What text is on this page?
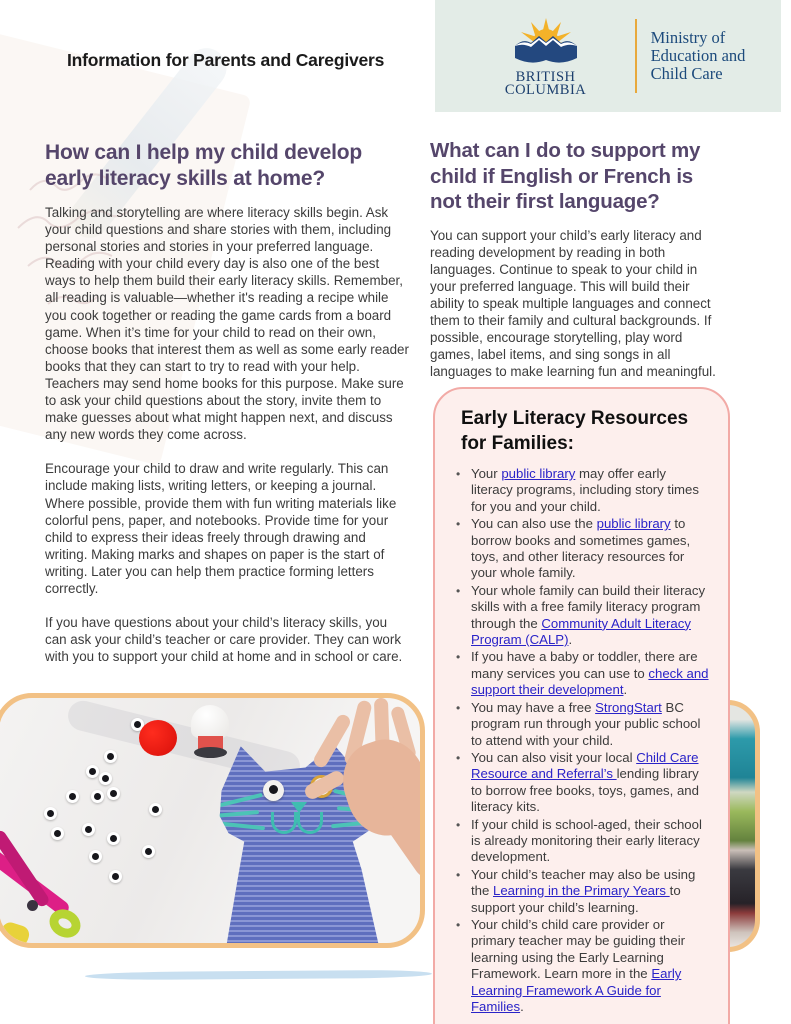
Information for Parents and Caregivers
BRITISH
COLUMBIA
Ministry of
Education and
Child Care
How can I help my child develop early literacy skills at home?

Talking and storytelling are where literacy skills begin. Ask your child questions and share stories with them, including personal stories and stories in your preferred language. Reading with your child every day is also one of the best ways to help them build their early literacy skills. Remember, all reading is valuable—whether it's reading a recipe while you cook together or reading the game cards from a board game. When it’s time for your child to read on their own, choose books that interest them as well as some early reader books that they can start to try to read with your help. Teachers may send home books for this purpose. Make sure to ask your child questions about the story, invite them to make guesses about what might happen next, and discuss any new words they come across.

Encourage your child to draw and write regularly. This can include making lists, writing letters, or keeping a journal. Where possible, provide them with fun writing materials like colorful pens, paper, and notebooks. Provide time for your child to express their ideas freely through drawing and writing. Making marks and shapes on paper is the start of writing. Later you can help them practice forming letters correctly.

If you have questions about your child’s literacy skills, you can ask your child’s teacher or care provider. They can work with you to support your child at home and in school or care.

What can I do to support my child if English or French is not their first language?

You can support your child’s early literacy and reading development by reading in both languages. Continue to speak to your child in your preferred language. This will build their ability to speak multiple languages and connect them to their family and cultural backgrounds. If possible, encourage storytelling, play word games, label items, and sing songs in all languages to make learning fun and meaningful.

Early Literacy Resources for Families:
• Your public library may offer early literacy programs, including story times for you and your child.
• You can also use the public library to borrow books and sometimes games, toys, and other literacy resources for your whole family.
• Your whole family can build their literacy skills with a free family literacy program through the Community Adult Literacy Program (CALP).
• If you have a baby or toddler, there are many services you can use to check and support their development.
• You may have a free StrongStart BC program run through your public school to attend with your child.
• You can also visit your local Child Care Resource and Referral’s lending library to borrow free books, toys, games, and literacy kits.
• If your child is school-aged, their school is already monitoring their early literacy development.
• Your child’s teacher may also be using the Learning in the Primary Years to support your child’s learning.
• Your child’s child care provider or primary teacher may be guiding their learning using the Early Learning Framework. Learn more in the Early Learning Framework A Guide for Families.
